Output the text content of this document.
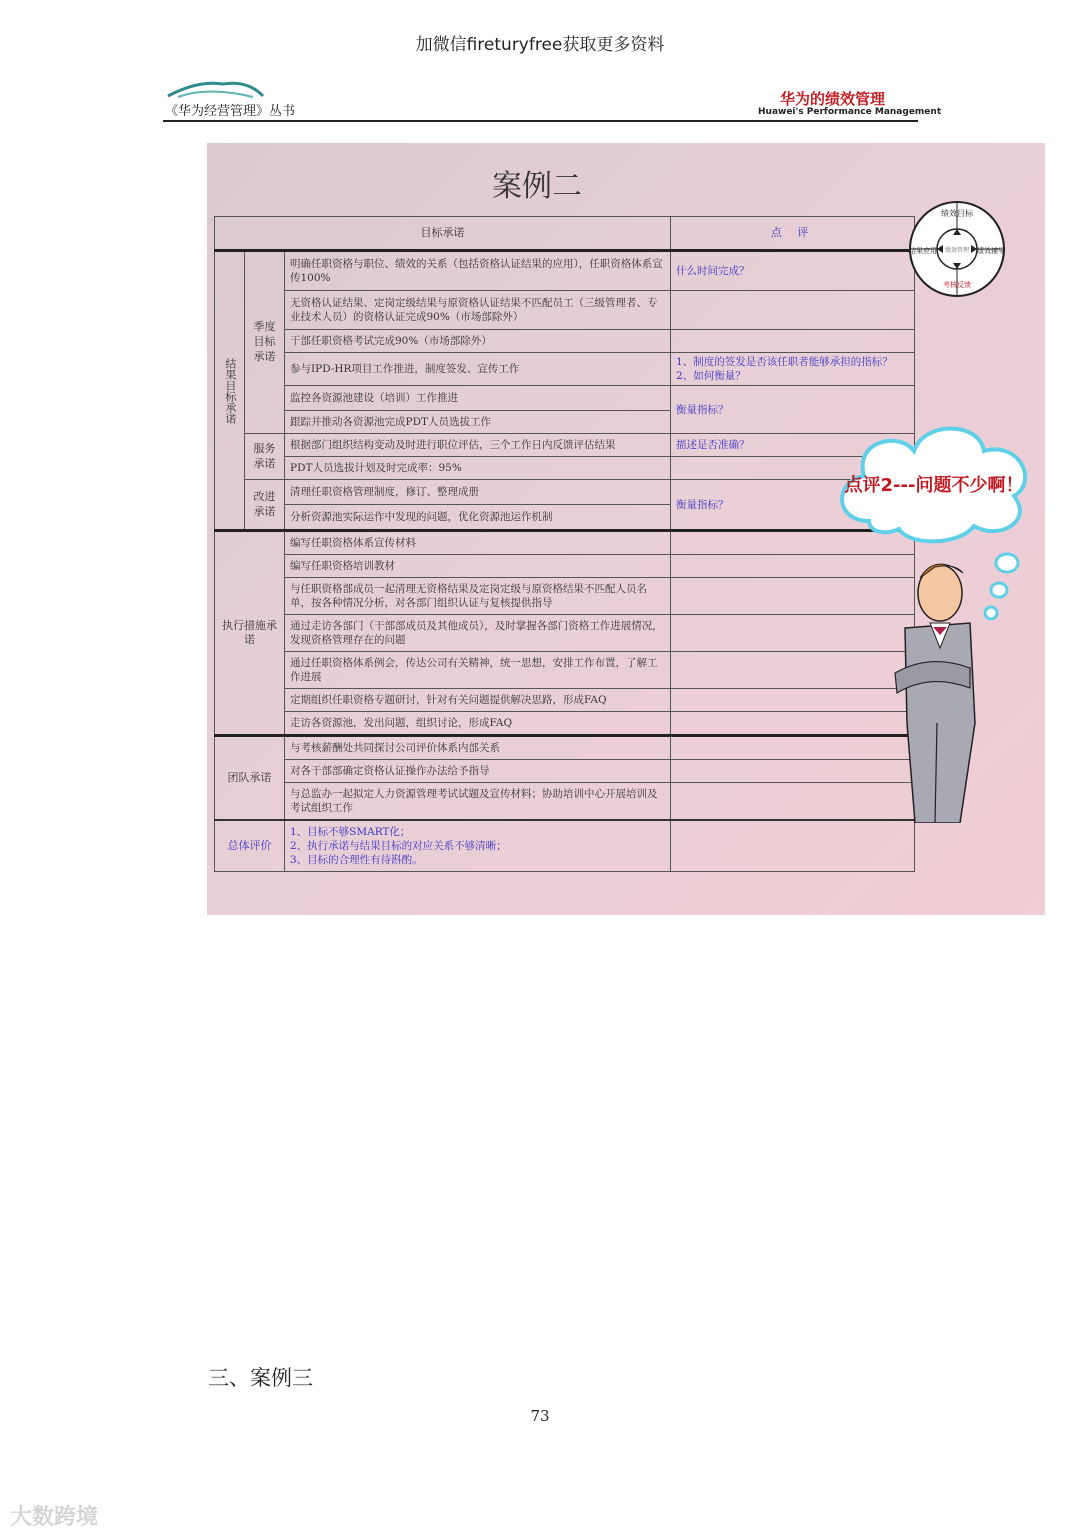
加微信fireturyfree获取更多资料
《华为经营管理》丛书
华为的绩效管理
Huawei's Performance Management
案例二
目标承诺			点 评
结果目标承诺	季度目标承诺	明确任职资格与职位、绩效的关系（包括资格认证结果的应用），任职资格体系宣传100%	什么时间完成？
		无资格认证结果、定岗定级结果与原资格认证结果不匹配员工（三级管理者、专业技术人员）的资格认证完成90%（市场部除外）	
		干部任职资格考试完成90%（市场部除外）	
		参与IPD-HR项目工作推进，制度签发、宣传工作	1、制度的签发是否该任职者能够承担的指标？
2、如何衡量？
		监控各资源池建设（培训）工作推进	衡量指标？
		跟踪并推动各资源池完成PDT人员选拔工作	
	服务承诺	根据部门组织结构变动及时进行职位评估，三个工作日内反馈评估结果	描述是否准确？
		PDT人员选拔计划及时完成率：95%	
	改进承诺	清理任职资格管理制度，修订、整理成册	衡量指标？
		分析资源池实际运作中发现的问题，优化资源池运作机制	
执行措施承诺		编写任职资格体系宣传材料	
		编写任职资格培训教材	
		与任职资格部成员一起清理无资格结果及定岗定级与原资格结果不匹配人员名单，按各种情况分析，对各部门组织认证与复核提供指导	
		通过走访各部门（干部部成员及其他成员），及时掌握各部门资格工作进展情况，发现资格管理存在的问题	
		通过任职资格体系例会，传达公司有关精神，统一思想，安排工作布置，了解工作进展	
		定期组织任职资格专题研讨，针对有关问题提供解决思路，形成FAQ	
		走访各资源池，发出问题，组织讨论，形成FAQ	
团队承诺		与考核薪酬处共同探讨公司评价体系内部关系	
		对各干部部确定资格认证操作办法给予指导	
		与总监办一起拟定人力资源管理考试试题及宣传材料；协助培训中心开展培训及考试组织工作	
总体评价		1、目标不够SMART化；
2、执行承诺与结果目标的对应关系不够清晰；
3、目标的合理性有待斟酌。	
绩效目标
绩效辅导
考核反馈
结果应用 绩效管理
点评2---问题不少啊！
三、案例三
73
大数跨境
